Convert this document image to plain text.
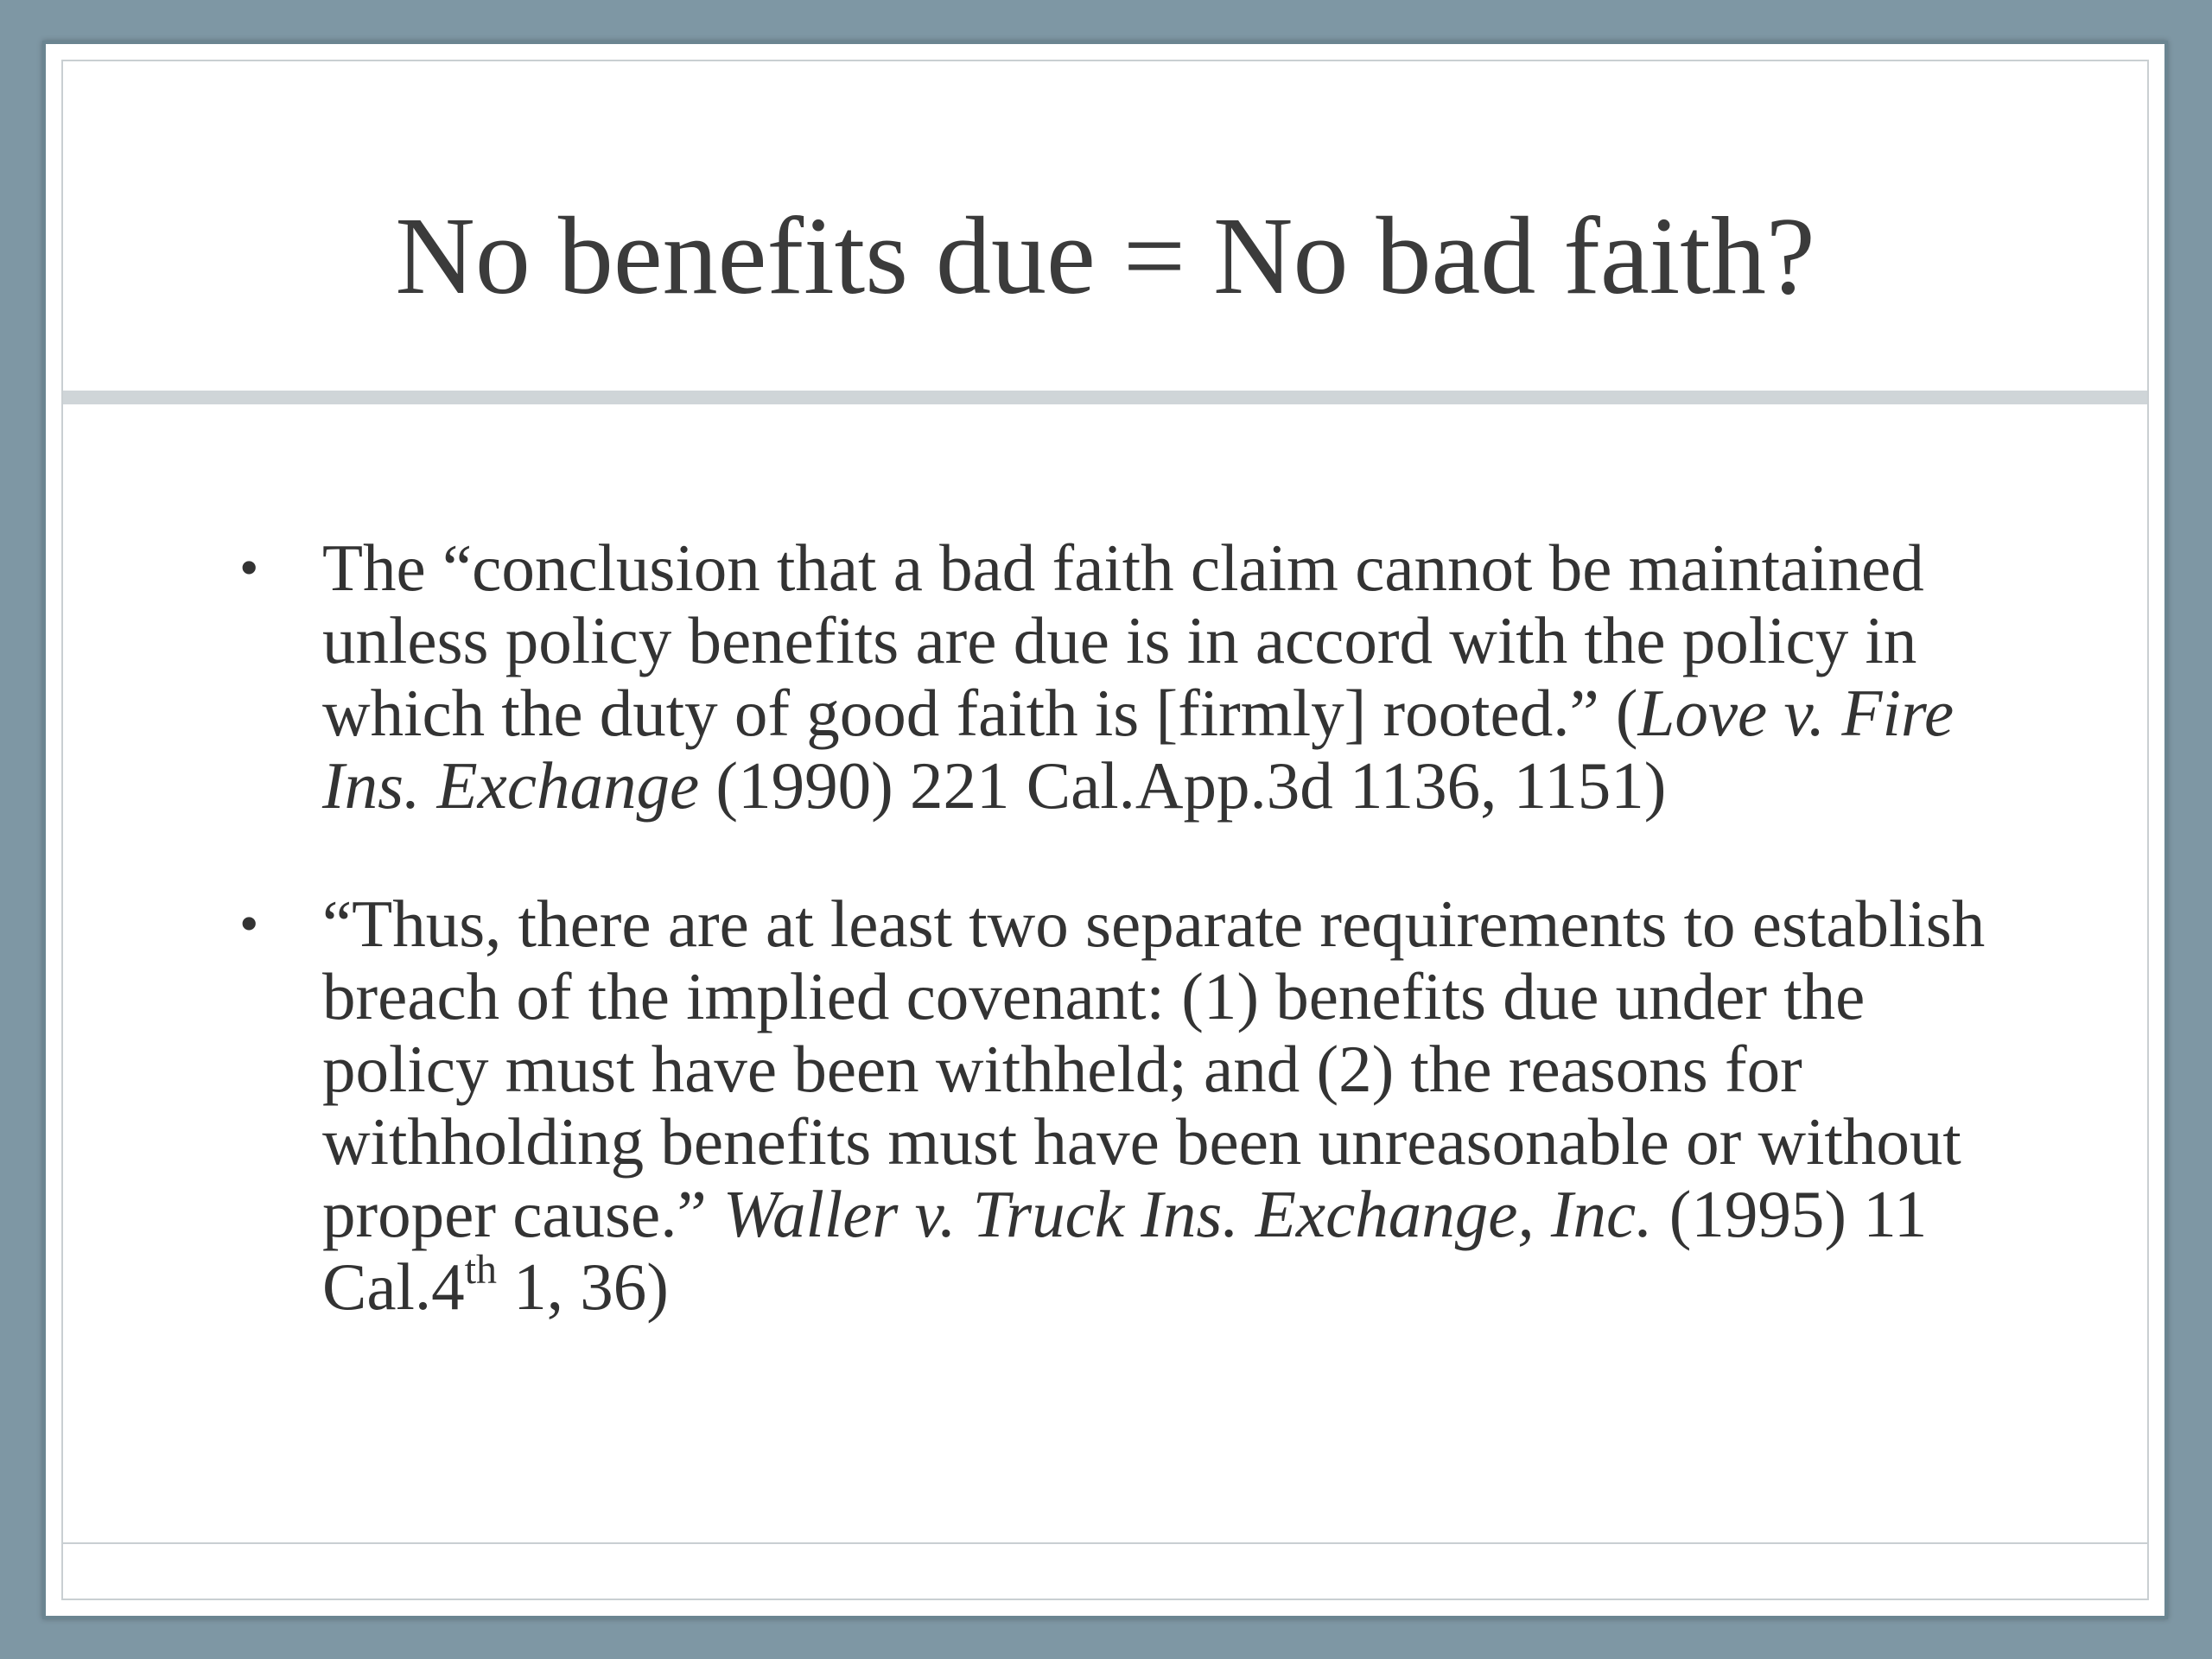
No benefits due = No bad faith?
• The “conclusion that a bad faith claim cannot be maintained unless policy benefits are due is in accord with the policy in which the duty of good faith is [firmly] rooted.” (Love v. Fire Ins. Exchange (1990) 221 Cal.App.3d 1136, 1151)
• “Thus, there are at least two separate requirements to establish breach of the implied covenant: (1) benefits due under the policy must have been withheld; and (2) the reasons for withholding benefits must have been unreasonable or without proper cause.” Waller v. Truck Ins. Exchange, Inc. (1995) 11 Cal.4th 1, 36)
